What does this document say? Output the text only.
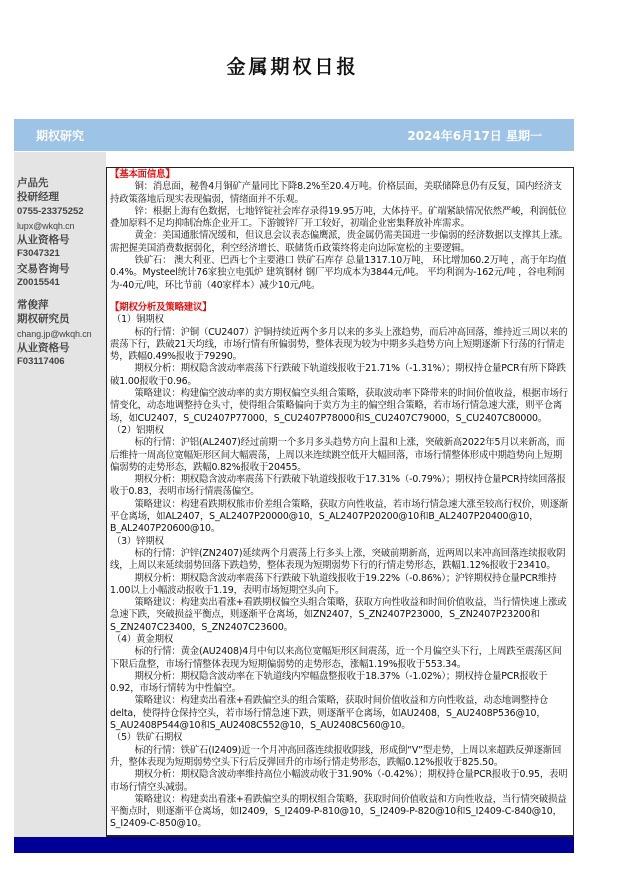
金属期权日报
期权研究	2024年6月17日 星期一
卢品先
投研经理
0755-23375252
lupx@wkqh.cn
从业资格号
F3047321
交易咨询号
Z0015541
常俊萍
期权研究员
chang.jp@wkqh.cn
从业资格号
F03117406

【基本面信息】

铜：消息面，秘鲁4月铜矿产量同比下降8.2%至20.4万吨。价格层面，美联储降息仍有反复，国内经济支持政策落地后现实表现偏弱，情绪面并不乐观。

锌：根据上海有色数据，七地锌锭社会库存录得19.95万吨，大体持平。矿端紧缺情况依然严峻，利润低位叠加原料不足均抑制冶炼企业开工。下游镀锌厂开工较好，初端企业密集释放补库需求。

黄金：美国通胀情况缓和，但议息会议表态偏鹰派，贵金属仍需美国进一步偏弱的经济数据以支撑其上涨。需把握美国消费数据弱化，利空经济增长、联储货币政策终将走向边际宽松的主要逻辑。

铁矿石： 澳大利亚、巴西七个主要港口 铁矿石库存 总量1317.10万吨， 环比增加60.2万吨 ，高于年均值0.4%。Mysteel统计76家独立电弧炉 建筑钢材 钢厂平均成本为3844元/吨。 平均利润为-162元/吨 ，谷电利润为-40元/吨，环比节前（40家样本）减少10元/吨。

【期权分析及策略建议】

（1）铜期权

标的行情：沪铜（CU2407）沪铜持续近两个多月以来的多头上涨趋势，而后冲高回落，维持近三周以来的震荡下行，跌破21天均线，市场行情有所偏弱势，整体表现为较为中期多头趋势方向上短期逐渐下行荡的行情走势，跌幅0.49%报收于79290。

期权分析：期权隐含波动率震荡下行跌破下轨道线报收于21.71%（-1.31%）；期权持仓量PCR有所下降跌破1.00报收于0.96。

策略建议：构建偏空波动率的卖方期权偏空头组合策略，获取波动率下降带来的时间价值收益，根据市场行情变化，动态地调整持仓头寸，使得组合策略偏向于卖方为主的偏空组合策略，若市场行情急速大涨，则平仓离场，如CU2407，S_CU2407P77000，S_CU2407P78000和S_CU2407C79000，S_CU2407C80000。

（2）铝期权

标的行情：沪铝(AL2407)经过前期一个多月多头趋势方向上温和上涨，突破新高2022年5月以来新高，而后维持一周高位宽幅矩形区间大幅震荡，上周以来连续跳空低开大幅回落，市场行情整体形成中期趋势向上短期偏弱势的走势形态，跌幅0.82%报收于20455。

期权分析：期权隐含波动率震荡下行跌破下轨道线报收于17.31%（-0.79%）；期权持仓量PCR持续回落报收于0.83，表明市场行情震荡偏空。

策略建议：构建看跌期权熊市价差组合策略，获取方向性收益，若市场行情急速大涨至较高行权价，则逐渐平仓离场，如AL2407，S_AL2407P20000@10，S_AL2407P20200@10和B_AL2407P20400@10，B_AL2407P20600@10。

（3）锌期权

标的行情：沪锌(ZN2407)延续两个月震荡上行多头上涨，突破前期新高，近两周以来冲高回落连续报收阴线，上周以来延续弱势回落下跌趋势，整体表现为短期弱势下行的行情走势形态，跌幅1.12%报收于23410。

期权分析：期权隐含波动率震荡下行跌破下轨道线报收于19.22%（-0.86%）；沪锌期权持仓量PCR维持1.00以上小幅波动报收于1.19，表明市场短期空头向下。

策略建议：构建卖出看涨+看跌期权偏空头组合策略，获取方向性收益和时间价值收益，当行情快速上涨或急速下跌，突破损益平衡点，则逐渐平仓离场，如ZN2407，S_ZN2407P23000，S_ZN2407P23200和S_ZN2407C23400，S_ZN2407C23600。

（4）黄金期权

标的行情：黄金(AU2408)4月中旬以来高位宽幅矩形区间震荡，近一个月偏空头下行，上周跌至震荡区间下限后盘整，市场行情整体表现为短期偏弱势的走势形态，涨幅1.19%报收于553.34。

期权分析：期权隐含波动率在下轨道线内窄幅盘整报收于18.37%（-1.02%）；期权持仓量PCR报收于0.92，市场行情转为中性偏空。

策略建议：构建卖出看涨+看跌偏空头的组合策略，获取时间价值收益和方向性收益，动态地调整持仓delta，使得持仓保持空头，若市场行情急速下跌，则逐渐平仓离场，如AU2408，S_AU2408P536@10，S_AU2408P544@10和S_AU2408C552@10，S_AU2408C560@10。

（5）铁矿石期权

标的行情：铁矿石(I2409)近一个月冲高回落连续报收阴线，形成倒“V”型走势，上周以来超跌反弹逐渐回升，整体表现为短期弱势空头下行后反弹回升的市场行情走势形态，跌幅0.12%报收于825.50。

期权分析：期权隐含波动率维持高位小幅波动收于31.90%（-0.42%）；期权持仓量PCR报收于0.95，表明市场行情空头减弱。

策略建议：构建卖出看涨+看跌偏空头的期权组合策略，获取时间价值收益和方向性收益，当行情突破损益平衡点时，则逐渐平仓离场，如I2409，S_I2409-P-810@10，S_I2409-P-820@10和S_I2409-C-840@10，S_I2409-C-850@10。
